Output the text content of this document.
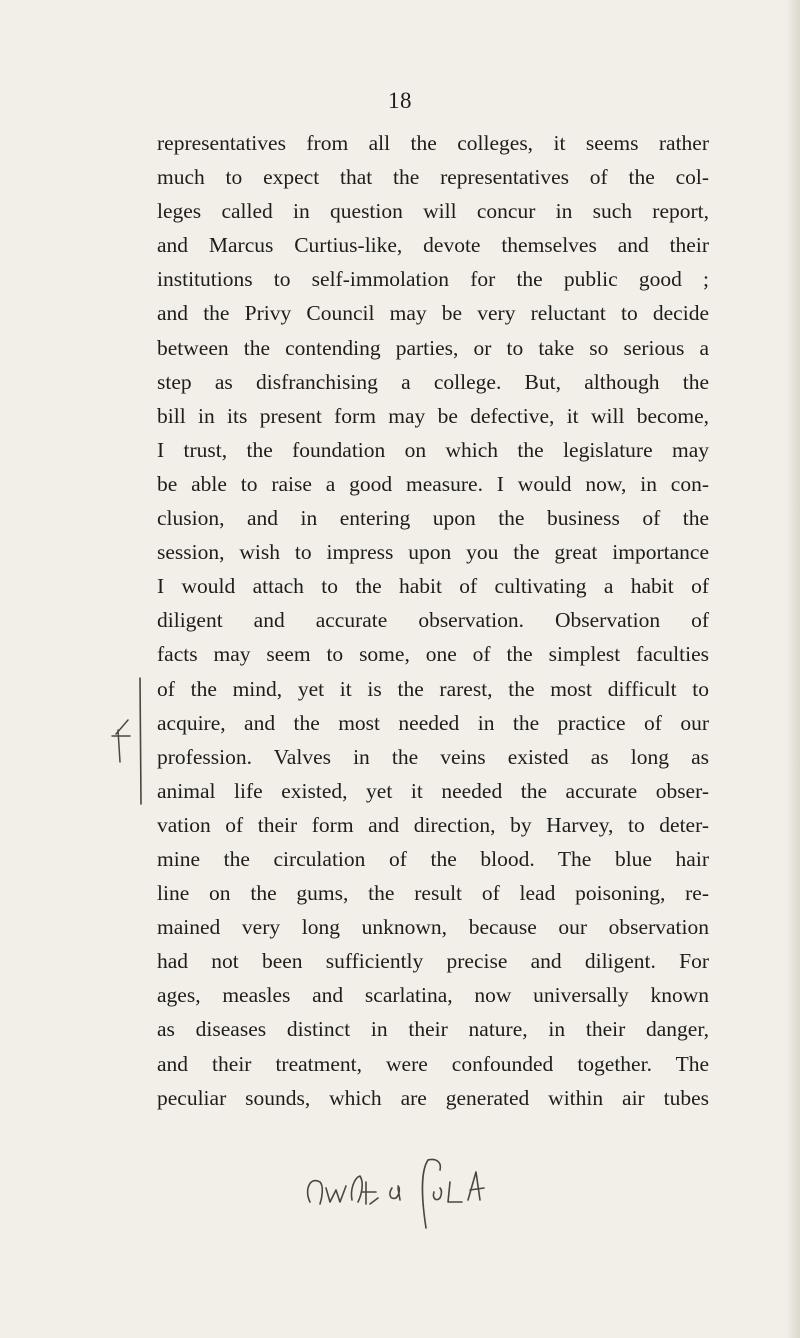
18
representatives from all the colleges, it seems rather
much to expect that the representatives of the col-
leges called in question will concur in such report,
and Marcus Curtius-like, devote themselves and their
institutions to self-immolation for the public good ;
and the Privy Council may be very reluctant to decide
between the contending parties, or to take so serious a
step as disfranchising a college. But, although the
bill in its present form may be defective, it will become,
I trust, the foundation on which the legislature may
be able to raise a good measure. I would now, in con-
clusion, and in entering upon the business of the
session, wish to impress upon you the great importance
I would attach to the habit of cultivating a habit of
diligent and accurate observation. Observation of
facts may seem to some, one of the simplest faculties
of the mind, yet it is the rarest, the most difficult to
acquire, and the most needed in the practice of our
profession. Valves in the veins existed as long as
animal life existed, yet it needed the accurate obser-
vation of their form and direction, by Harvey, to deter-
mine the circulation of the blood. The blue hair
line on the gums, the result of lead poisoning, re-
mained very long unknown, because our observation
had not been sufficiently precise and diligent. For
ages, measles and scarlatina, now universally known
as diseases distinct in their nature, in their danger,
and their treatment, were confounded together. The
peculiar sounds, which are generated within air tubes
